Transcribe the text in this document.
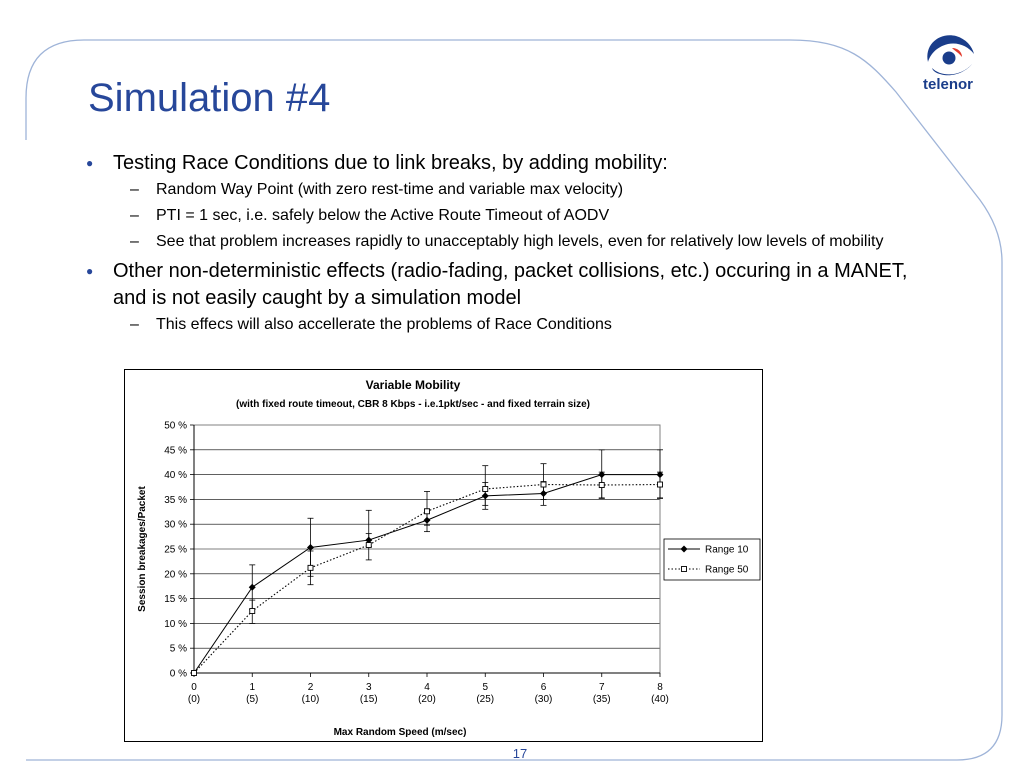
telenor
Simulation #4
● Testing Race Conditions due to link breaks, by adding mobility:
– Random Way Point (with zero rest-time and variable max velocity)
– PTI = 1 sec, i.e. safely below the Active Route Timeout of AODV
– See that problem increases rapidly to unacceptably high levels, even for relatively low levels of mobility
● Other non-deterministic effects (radio-fading, packet collisions, etc.) occuring in a MANET, and is not easily caught by a simulation model
– This effecs will also accellerate the problems of Race Conditions
Variable Mobility
(with fixed route timeout, CBR 8 Kbps - i.e.1pkt/sec - and fixed terrain size)
0 %
5 %
10 %
15 %
20 %
25 %
30 %
35 %
40 %
45 %
50 %
0
(0)
1
(5)
2
(10)
3
(15)
4
(20)
5
(25)
6
(30)
7
(35)
8
(40)
Max Random Speed (m/sec)
Session breakages/Packet	Range 10
Range 50
17
